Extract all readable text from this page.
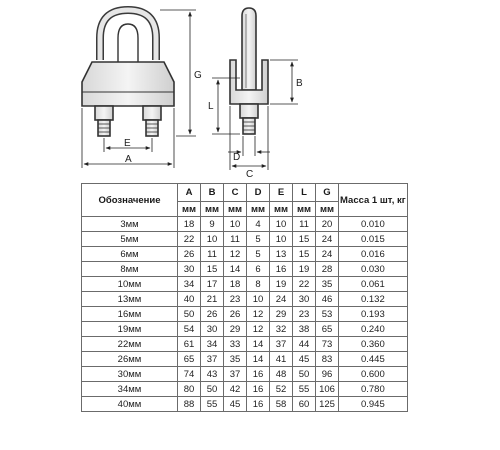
G
E
A
B
L
D
C
Обозначение	A	B	C	D	E	L	G	Масса 1 шт, кг
	мм	мм	мм	мм	мм	мм	мм	
3мм	18	9	10	4	10	11	20	0.010
5мм	22	10	11	5	10	15	24	0.015
6мм	26	11	12	5	13	15	24	0.016
8мм	30	15	14	6	16	19	28	0.030
10мм	34	17	18	8	19	22	35	0.061
13мм	40	21	23	10	24	30	46	0.132
16мм	50	26	26	12	29	23	53	0.193
19мм	54	30	29	12	32	38	65	0.240
22мм	61	34	33	14	37	44	73	0.360
26мм	65	37	35	14	41	45	83	0.445
30мм	74	43	37	16	48	50	96	0.600
34мм	80	50	42	16	52	55	106	0.780
40мм	88	55	45	16	58	60	125	0.945
